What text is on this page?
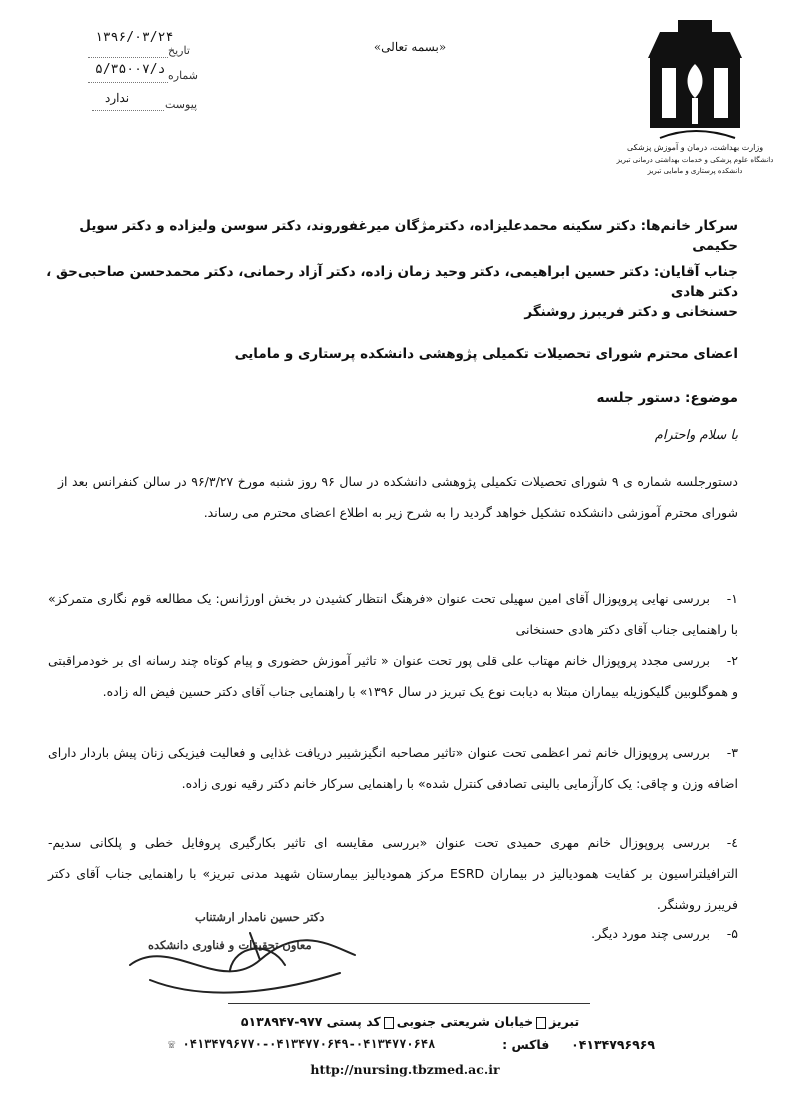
وزارت بهداشت، درمان و آموزش پزشکی
دانشگاه علوم پزشکی و خدمات بهداشتی درمانی تبریز
دانشکده پرستاری و مامایی تبریز
«بسمه تعالی»
۱۳۹۶/۰۳/۲۴
تاریخ
۵/د/۳۵۰۰۷ شماره
ندارد	پیوست
سرکار خانم‌ها: دکتر سکینه محمدعلیزاده، دکترمژگان میرغفوروند، دکتر سوسن ولیزاده و دکتر سویل حکیمی
جناب آقایان: دکتر حسین ابراهیمی، دکتر وحید زمان زاده، دکتر آزاد رحمانی، دکتر محمدحسن صاحبی‌حق ، دکتر هادی
حسنخانی و دکتر فریبرز روشنگر
اعضای محترم شورای تحصیلات تکمیلی پژوهشی دانشکده پرستاری و مامایی
موضوع: دستور جلسه
با سلام واحترام
دستورجلسه شماره ی ۹ شورای تحصیلات تکمیلی پژوهشی دانشکده در سال ۹۶ روز شنبه مورخ ۹۶/۳/۲۷ در سالن کنفرانس بعد از شورای محترم آموزشی دانشکده تشکیل خواهد گردید را به شرح زیر به اطلاع اعضای محترم می رساند.
۱-بررسی نهایی پروپوزال آقای امین سهیلی تحت عنوان «فرهنگ انتظار کشیدن در بخش اورژانس: یک مطالعه قوم نگاری متمرکز» با راهنمایی جناب آقای دکتر هادی حسنخانی
۲-بررسی مجدد پروپوزال خانم مهتاب علی قلی پور تحت عنوان « تاثیر آموزش حضوری و پیام کوتاه چند رسانه ای بر خودمراقبتی و هموگلوبین گلیکوزیله بیماران مبتلا به دیابت نوع یک تبریز در سال ۱۳۹۶» با راهنمایی جناب آقای دکتر حسین فیض اله زاده.
۳-بررسی پروپوزال خانم ثمر اعظمی تحت عنوان «تاثیر مصاحبه انگیزشیبر دریافت غذایی و فعالیت فیزیکی زنان پیش باردار دارای اضافه وزن و چاقی: یک کارآزمایی بالینی تصادفی کنترل شده» با راهنمایی سرکار خانم دکتر رقیه نوری زاده.
٤-بررسی پروپوزال خانم مهری حمیدی تحت عنوان «بررسی مقایسه ای تاثیر بکارگیری پروفایل خطی و پلکانی سدیم- الترافیلتراسیون بر کفایت همودیالیز در بیماران ESRD مرکز همودیالیز بیمارستان شهید مدنی تبریز» با راهنمایی جناب آقای دکتر فریبرز روشنگر.
۵-بررسی چند مورد دیگر.
دکتر حسین نامدار ارشتناب
معاون تحقیقات و فناوری دانشکده
تبریزخیابان شریعتی جنوبیکد پستی ۹۷۷-۵۱۳۸۹۴۷
☏ ۰۴۱۳۴۷۹۶۷۷۰-۰۴۱۳۴۷۷۰۶۴۹-۰۴۱۳۴۷۷۰۶۴۸	۰۴۱۳۴۷۹۶۹۶۹     فاکس :
http://nursing.tbzmed.ac.ir
